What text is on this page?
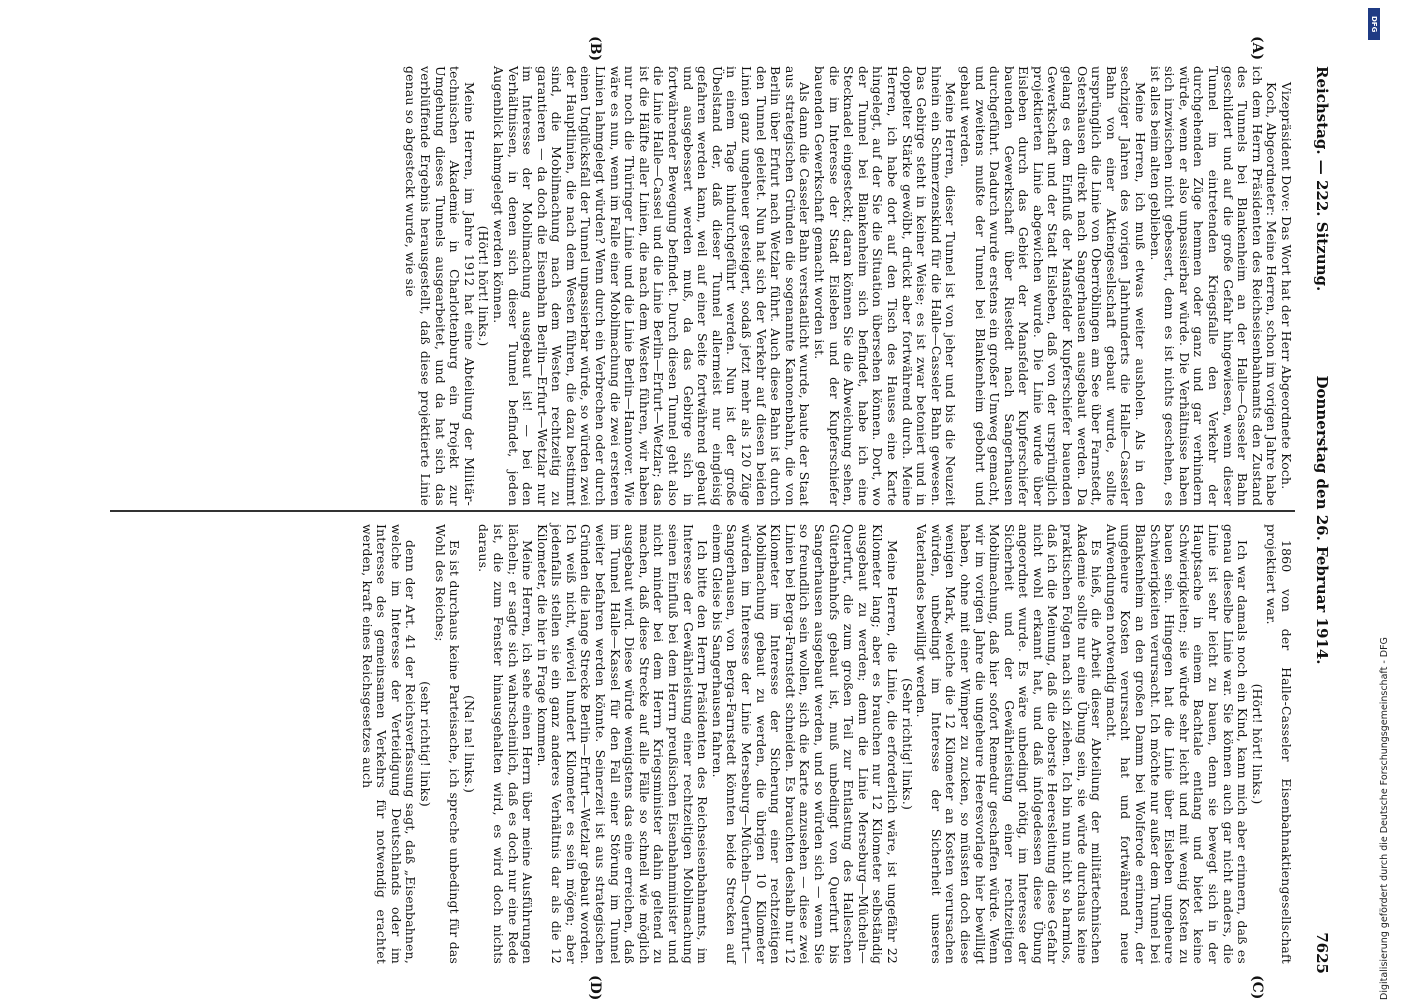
Reichstag. — 222. Sitzung.
Donnerstag den 26. Februar 1914.
7625
(A)
(B)
(C)
(D)

Vizepräsident Dove: Das Wort hat der Herr Abgeordnete Koch.

Koch, Abgeordneter: Meine Herren, schon im vorigen Jahre habe ich dem Herrn Präsidenten des Reichseisenbahnamts den Zustand des Tunnels bei Blankenheim an der Halle—Casseler Bahn geschildert und auf die große Gefahr hingewiesen, wenn dieser Tunnel im eintretenden Kriegsfalle den Verkehr der durchgehenden Züge hemmen oder ganz und gar verhindern würde, wenn er also unpassierbar würde. Die Verhältnisse haben sich inzwischen nicht gebessert, denn es ist nichts geschehen, es ist alles beim alten geblieben.

Meine Herren, ich muß etwas weiter ausholen. Als in den sechziger Jahren des vorigen Jahrhunderts die Halle—Casseler Bahn von einer Aktiengesellschaft gebaut wurde, sollte ursprünglich die Linie von Oberröblingen am See über Farnstedt, Ostershausen direkt nach Sangerhausen ausgebaut werden. Da gelang es dem Einfluß der Mansfelder Kupferschiefer bauenden Gewerkschaft und der Stadt Eisleben, daß von der ursprünglich projektierten Linie abgewichen wurde. Die Linie wurde über Eisleben durch das Gebiet der Mansfelder Kupferschiefer bauenden Gewerkschaft über Riestedt nach Sangerhausen durchgeführt. Dadurch wurde erstens ein großer Umweg gemacht, und zweitens mußte der Tunnel bei Blankenheim gebohrt und gebaut werden.

Meine Herren, dieser Tunnel ist von jeher und bis die Neuzeit hinein ein Schmerzenskind für die Halle—Casseler Bahn gewesen. Das Gebirge steht in keiner Weise; es ist zwar betoniert und in doppelter Stärke gewölbt, drückt aber fortwährend durch. Meine Herren, ich habe dort auf den Tisch des Hauses eine Karte hingelegt, auf der Sie die Situation übersehen können. Dort, wo der Tunnel bei Blankenheim sich befindet, habe ich eine Stecknadel eingesteckt; daran können Sie die Abweichung sehen, die im Interesse der Stadt Eisleben und der Kupferschiefer bauenden Gewerkschaft gemacht worden ist.

Als dann die Casseler Bahn verstaatlicht wurde, baute der Staat aus strategischen Gründen die sogenannte Kanonenbahn, die von Berlin über Erfurt nach Wetzlar führt. Auch diese Bahn ist durch den Tunnel geleitet. Nun hat sich der Verkehr auf diesen beiden Linien ganz ungeheuer gesteigert, sodaß jetzt mehr als 120 Züge in einem Tage hindurchgeführt werden. Nun ist der große Übelstand der, daß dieser Tunnel allermeist nur eingleisig gefahren werden kann, weil auf einer Seite fortwährend gebaut und ausgebessert werden muß, da das Gebirge sich in fortwährender Bewegung befindet. Durch diesen Tunnel geht also die Linie Halle—Cassel und die Linie Berlin—Erfurt—Wetzlar; das ist die Hälfte aller Linien, die nach dem Westen führen, wir haben nur noch die Thüringer Linie und die Linie Berlin—Hannover. Wie wäre es nun, wenn im Falle einer Mobilmachung die zwei ersteren Linien lahmgelegt würden? Wenn durch ein Verbrechen oder durch einen Unglücksfall der Tunnel unpassierbar würde, so würden zwei der Hauptlinien, die nach dem Westen führen, die dazu bestimmt sind, die Mobilmachung nach dem Westen rechtzeitig zu garantieren — da doch die Eisenbahn Berlin—Erfurt—Wetzlar nur im Interesse der Mobilmachung ausgebaut ist! — bei den Verhältnissen, in denen sich dieser Tunnel befindet, jeden Augenblick lahmgelegt werden können.

(Hört! hört! links.)

Meine Herren, im Jahre 1912 hat eine Abteilung der Militär-technischen Akademie in Charlottenburg ein Projekt zur Umgehung dieses Tunnels ausgearbeitet, und da hat sich das verblüffende Ergebnis herausgestellt, daß diese projektierte Linie genau so abgesteckt wurde, wie sie

1860 von der Halle-Casseler Eisenbahnaktiengesellschaft projektiert war.

(Hört! hört! links.)

Ich war damals noch ein Kind, kann mich aber erinnern, daß es genau dieselbe Linie war. Sie können auch gar nicht anders, die Linie ist sehr leicht zu bauen, denn sie bewegt sich in der Hauptsache in einem Bachtale entlang und bietet keine Schwierigkeiten; sie würde sehr leicht und mit wenig Kosten zu bauen sein. Hingegen hat die Linie über Eisleben ungeheure Schwierigkeiten verursacht. Ich möchte nur außer dem Tunnel bei Blankenheim an den großen Damm bei Wolferode erinnern, der ungeheure Kosten verursacht hat und fortwährend neue Aufwendungen notwendig macht.

Es hieß, die Arbeit dieser Abteilung der militärtechnischen Akademie sollte nur eine Übung sein, sie würde durchaus keine praktischen Folgen nach sich ziehen. Ich bin nun nicht so harmlos, daß ich die Meinung, daß die oberste Heeresleitung diese Gefahr nicht wohl erkannt hat, und daß infolgedessen diese Übung angeordnet wurde. Es wäre unbedingt nötig, im Interesse der Sicherheit und der Gewährleistung einer rechtzeitigen Mobilmachung, daß hier sofort Remedur geschaffen würde. Wenn wir im vorigen Jahre die ungeheure Heeresvorlage hier bewilligt haben, ohne mit einer Wimper zu zucken, so müssten doch diese wenigen Mark, welche die 12 Kilometer an Kosten verursachen würden, unbedingt im Interesse der Sicherheit unseres Vaterlandes bewilligt werden.

(Sehr richtig! links.)

Meine Herren, die Linie, die erforderlich wäre, ist ungefähr 22 Kilometer lang; aber es brauchen nur 12 Kilometer selbständig ausgebaut zu werden; denn die Linie Merseburg—Mücheln—Querfurt, die zum großen Teil zur Entlastung des Halleschen Güterbahnhofs gebaut ist, muß unbedingt von Querfurt bis Sangerhausen ausgebaut werden, und so würden sich — wenn Sie so freundlich sein wollen, sich die Karte anzusehen — diese zwei Linien bei Berga-Farnstedt schneiden. Es brauchten deshalb nur 12 Kilometer im Interesse der Sicherung einer rechtzeitigen Mobilmachung gebaut zu werden, die übrigen 10 Kilometer würden im Interesse der Linie Merseburg—Mücheln—Querfurt—Sangerhausen, von Berga-Farnstedt könnten beide Strecken auf einem Gleise bis Sangerhausen fahren.

Ich bitte den Herrn Präsidenten des Reichseisenbahnamts, im Interesse der Gewährleistung einer rechtzeitigen Mobilmachung seinen Einfluß bei dem Herrn preußischen Eisenbahnminister und nicht minder bei dem Herrn Kriegsminister dahin geltend zu machen, daß diese Strecke auf alle Fälle so schnell wie möglich ausgebaut wird. Diese würde wenigstens das eine erreichen, daß im Tunnel Halle—Kassel für den Fall einer Störung im Tunnel weiter befahren werden könnte. Seinerzeit ist aus strategischen Gründen die lange Strecke Berlin—Erfurt—Wetzlar gebaut worden. Ich weiß nicht, wieviel hundert Kilometer es sein mögen; aber jedenfalls stellen sie ein ganz anderes Verhältnis dar als die 12 Kilometer, die hier in Frage kommen.

Meine Herren, ich sehe einen Herrn über meine Ausführungen lächeln; er sagte sich wahrscheinlich, daß es doch nur eine Rede ist, die zum Fenster hinausgehalten wird, es wird doch nichts daraus.

(Na! na! links.)

Es ist durchaus keine Parteisache, ich spreche unbedingt für das Wohl des Reiches;

(sehr richtig! links)

denn der Art. 41 der Reichsverfassung sagt, daß „Eisenbahnen, welche im Interesse der Verteidigung Deutschlands oder im Interesse des gemeinsamen Verkehrs für notwendig erachtet werden, kraft eines Reichsgesetzes auch	Digitalisierung gefördert durch die Deutsche Forschungsgemeinschaft - DFG
DFG
